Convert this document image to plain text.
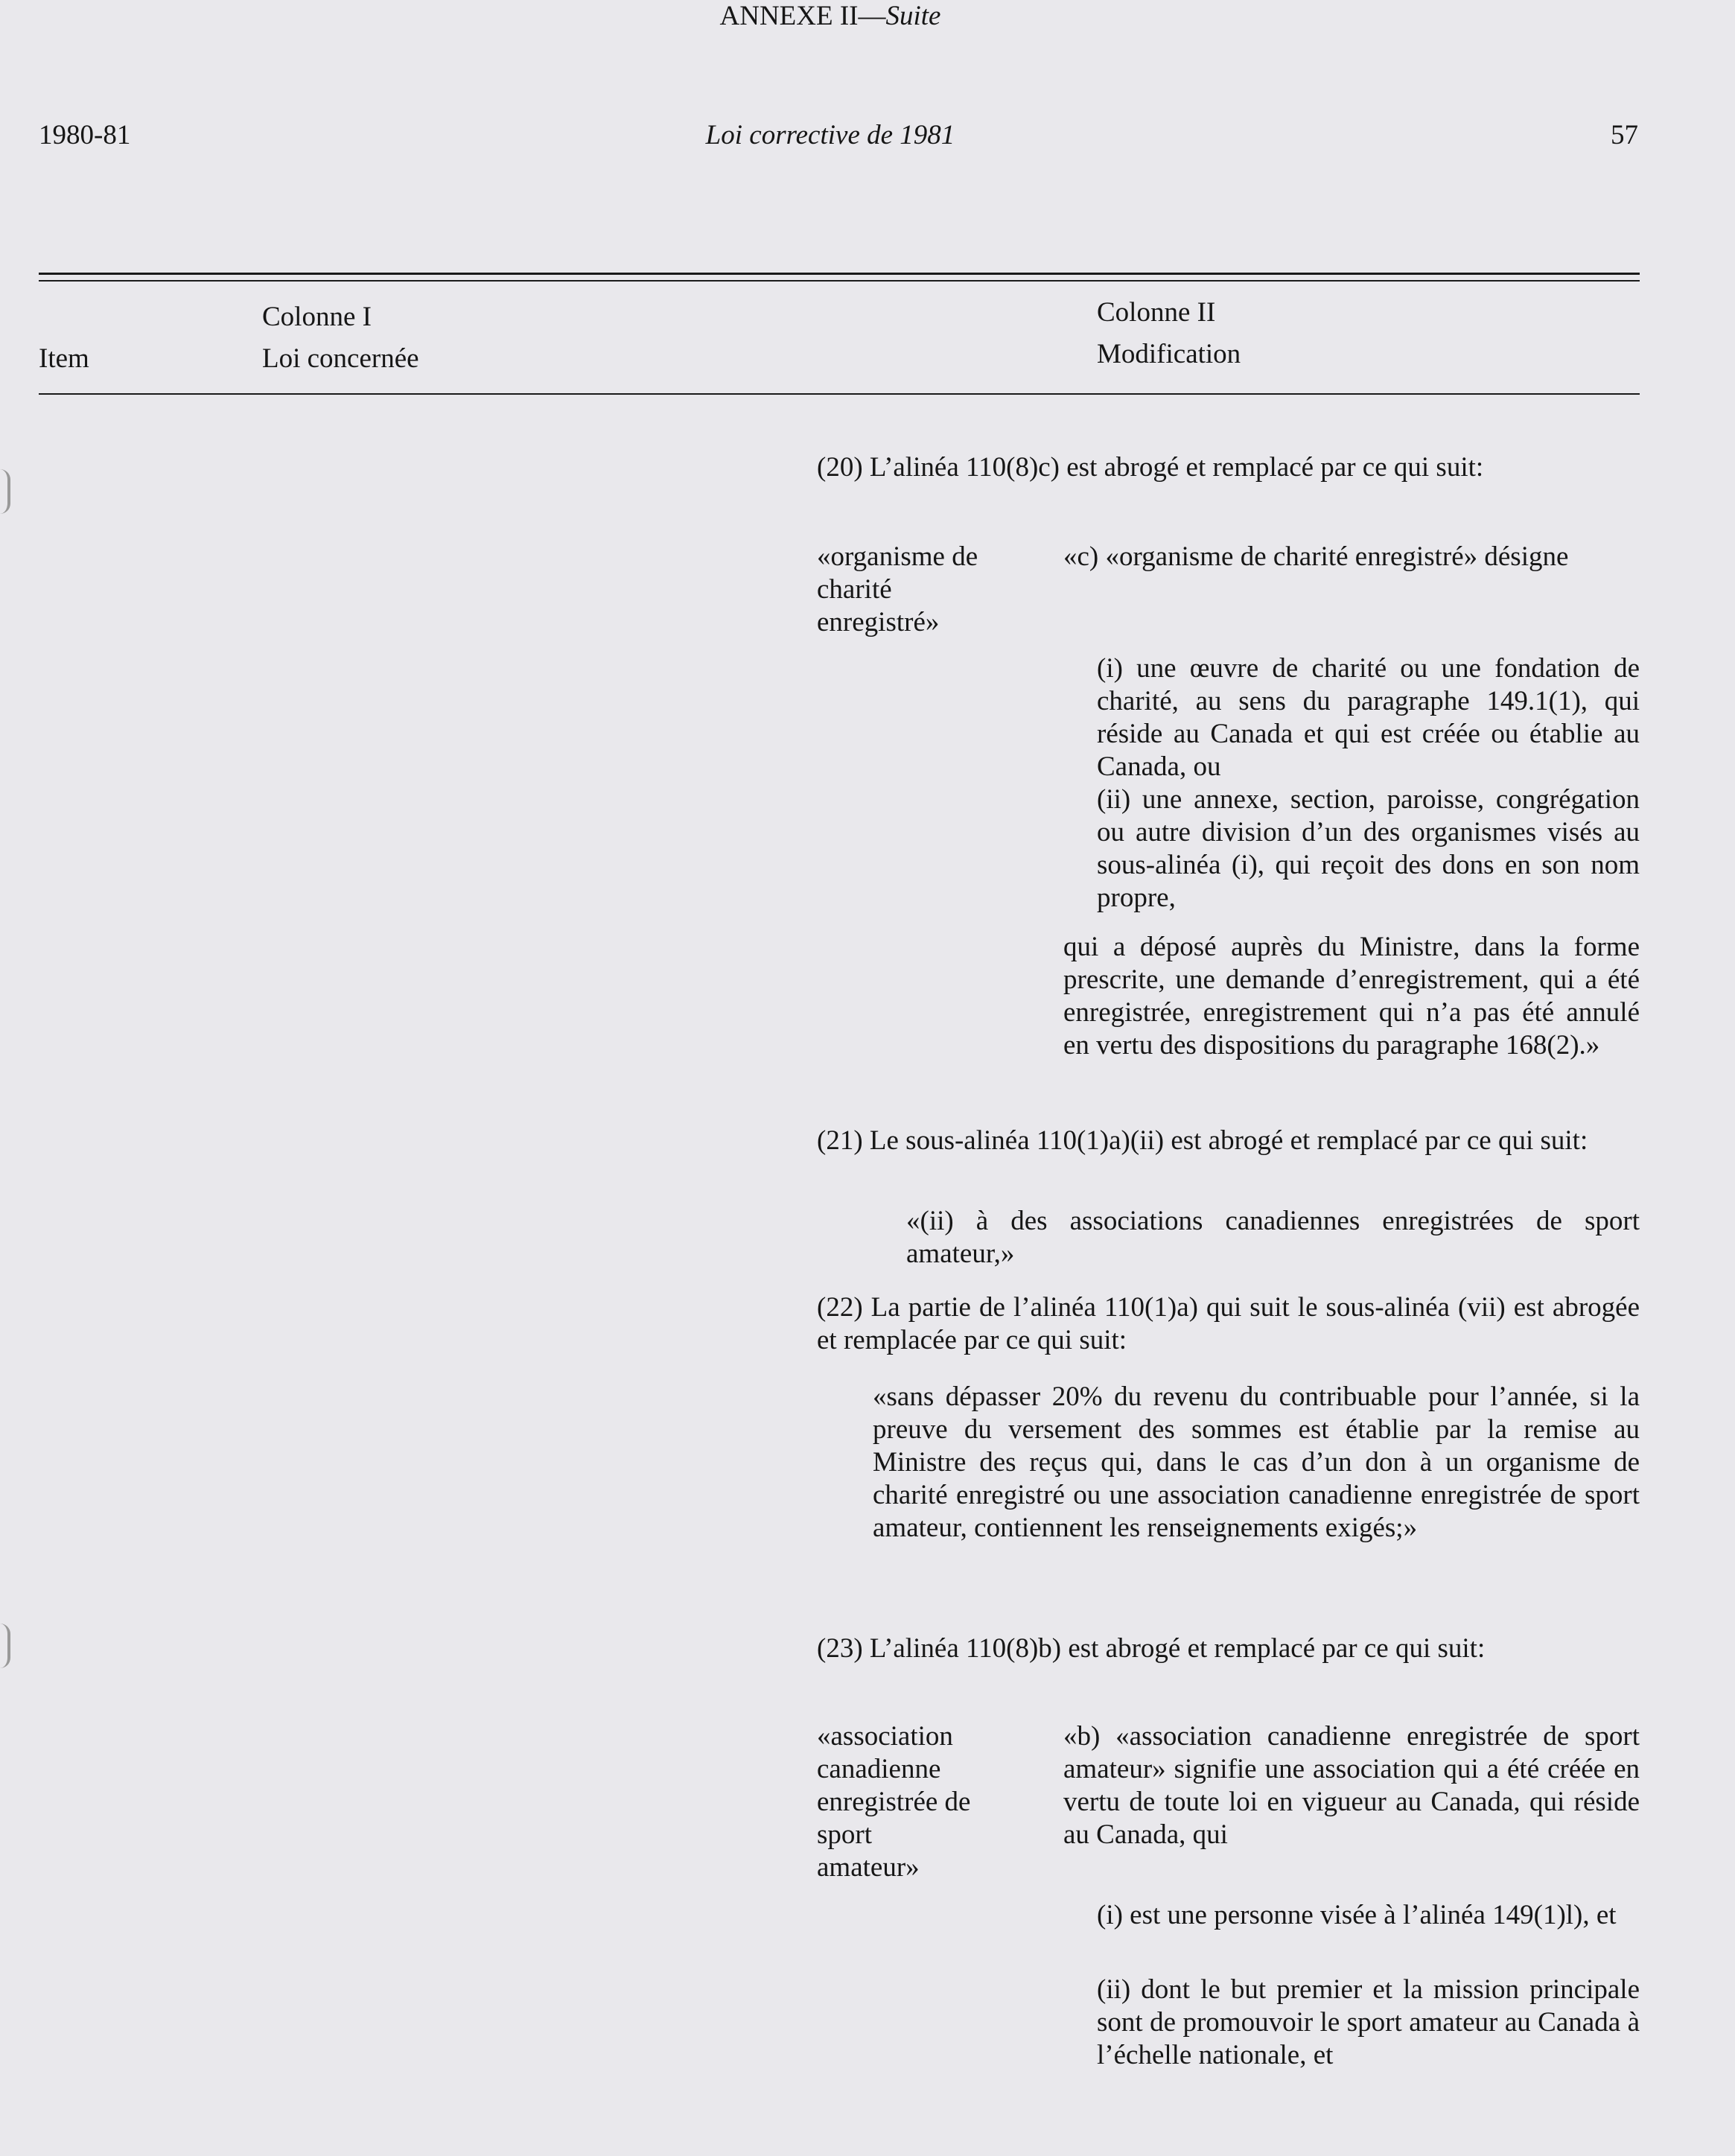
1980-81	Loi corrective de 1981	57
ANNEXE II—Suite
Item
Colonne I
Loi concernée
Colonne II
Modification
(20) L’alinéa 110(8)c) est abrogé et remplacé par ce qui suit:
«organisme de
charité
enregistré»
«c) «organisme de charité enregistré» désigne
(i) une œuvre de charité ou une fondation de charité, au sens du paragraphe 149.1(1), qui réside au Canada et qui est créée ou établie au Canada, ou
(ii) une annexe, section, paroisse, congrégation ou autre division d’un des organismes visés au sous-alinéa (i), qui reçoit des dons en son nom propre,
qui a déposé auprès du Ministre, dans la forme prescrite, une demande d’enregistrement, qui a été enregistrée, enregistrement qui n’a pas été annulé en vertu des dispositions du paragraphe 168(2).»
(21) Le sous-alinéa 110(1)a)(ii) est abrogé et remplacé par ce qui suit:
«(ii) à des associations canadiennes enregistrées de sport amateur,»
(22) La partie de l’alinéa 110(1)a) qui suit le sous-alinéa (vii) est abrogée et remplacée par ce qui suit:
«sans dépasser 20% du revenu du contribuable pour l’année, si la preuve du versement des sommes est établie par la remise au Ministre des reçus qui, dans le cas d’un don à un organisme de charité enregistré ou une association canadienne enregistrée de sport amateur, contiennent les renseignements exigés;»
(23) L’alinéa 110(8)b) est abrogé et remplacé par ce qui suit:
«association
canadienne
enregistrée de
sport
amateur»
«b) «association canadienne enregistrée de sport amateur» signifie une association qui a été créée en vertu de toute loi en vigueur au Canada, qui réside au Canada, qui
(i) est une personne visée à l’alinéa 149(1)l), et
(ii) dont le but premier et la mission principale sont de promouvoir le sport amateur au Canada à l’échelle nationale, et
